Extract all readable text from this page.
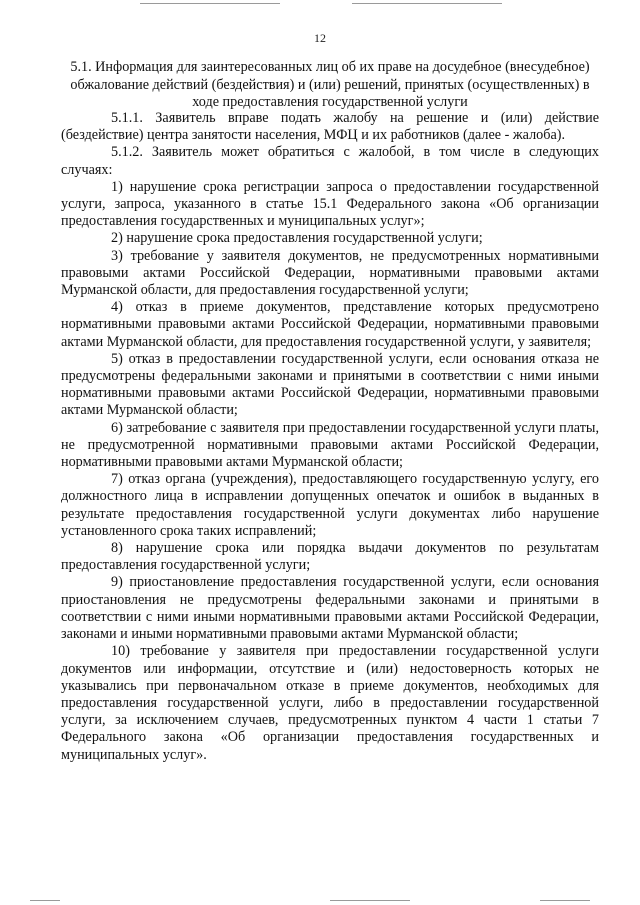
12
5.1. Информация для заинтересованных лиц об их праве на досудебное (внесудебное) обжалование действий (бездействия) и (или) решений, принятых (осуществленных) в ходе предоставления государственной услуги

5.1.1. Заявитель вправе подать жалобу на решение и (или) действие (бездействие) центра занятости населения, МФЦ и их работников (далее - жалоба).

5.1.2. Заявитель может обратиться с жалобой, в том числе в следующих случаях:

1) нарушение срока регистрации запроса о предоставлении государственной услуги, запроса, указанного в статье 15.1 Федерального закона «Об организации предоставления государственных и муниципальных услуг»;

2) нарушение срока предоставления государственной услуги;

3) требование у заявителя документов, не предусмотренных нормативными правовыми актами Российской Федерации, нормативными правовыми актами Мурманской области, для предоставления государственной услуги;

4) отказ в приеме документов, представление которых предусмотрено нормативными правовыми актами Российской Федерации, нормативными правовыми актами Мурманской области, для предоставления государственной услуги, у заявителя;

5) отказ в предоставлении государственной услуги, если основания отказа не предусмотрены федеральными законами и принятыми в соответствии с ними иными нормативными правовыми актами Российской Федерации, нормативными правовыми актами Мурманской области;

6) затребование с заявителя при предоставлении государственной услуги платы, не предусмотренной нормативными правовыми актами Российской Федерации, нормативными правовыми актами Мурманской области;

7) отказ органа (учреждения), предоставляющего государственную услугу, его должностного лица в исправлении допущенных опечаток и ошибок в выданных в результате предоставления государственной услуги документах либо нарушение установленного срока таких исправлений;

8) нарушение срока или порядка выдачи документов по результатам предоставления государственной услуги;

9) приостановление предоставления государственной услуги, если основания приостановления не предусмотрены федеральными законами и принятыми в соответствии с ними иными нормативными правовыми актами Российской Федерации, законами и иными нормативными правовыми актами Мурманской области;

10) требование у заявителя при предоставлении государственной услуги документов или информации, отсутствие и (или) недостоверность которых не указывались при первоначальном отказе в приеме документов, необходимых для предоставления государственной услуги, либо в предоставлении государственной услуги, за исключением случаев, предусмотренных пунктом 4 части 1 статьи 7 Федерального закона «Об организации предоставления государственных и муниципальных услуг».
